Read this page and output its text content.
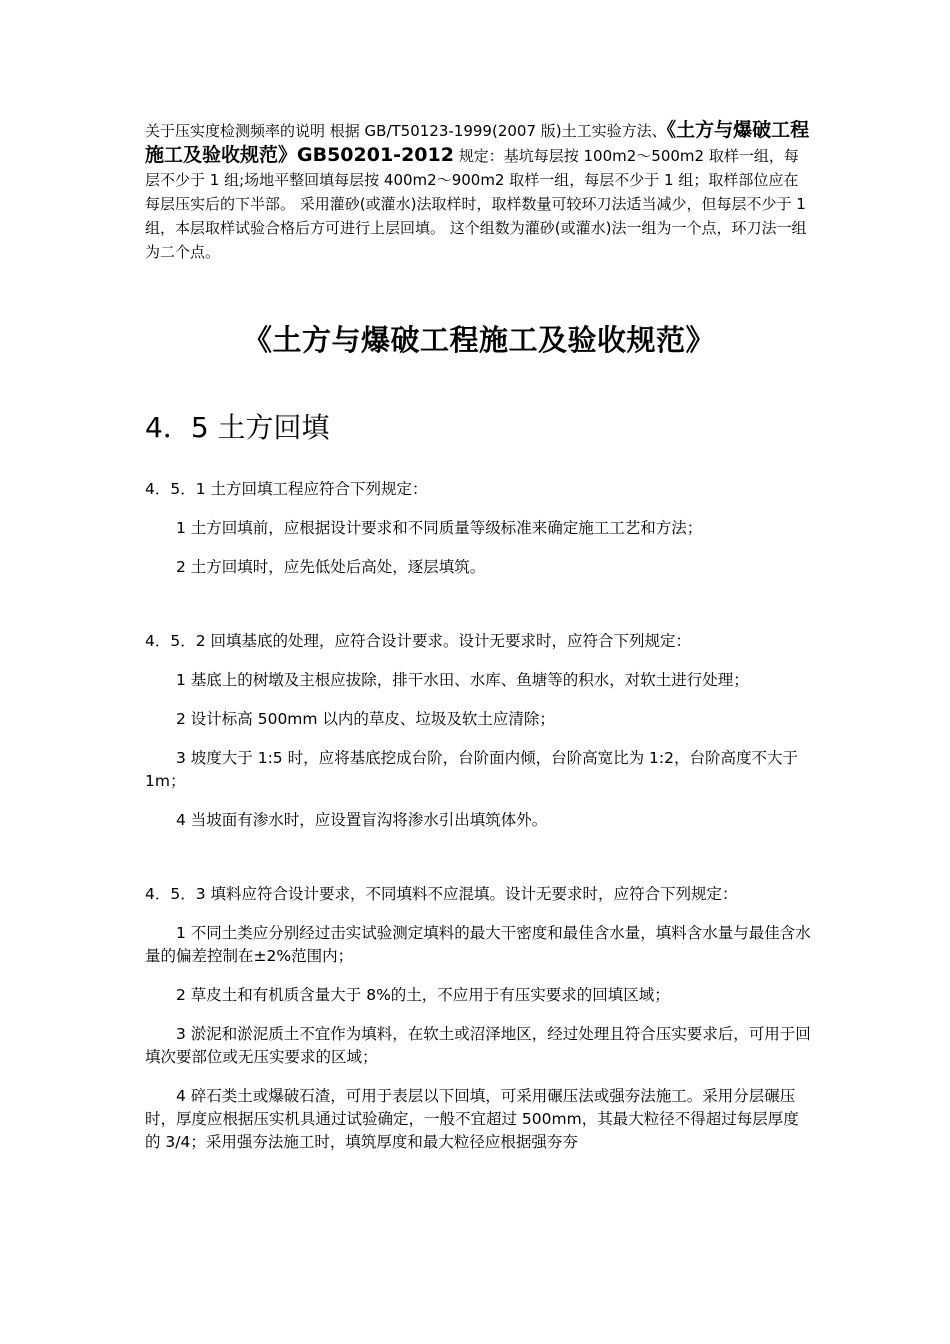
关于压实度检测频率的说明 根据 GB/T50123-1999(2007 版)土工实验方法、《土方与爆破工程施工及验收规范》GB50201-2012 规定：基坑每层按 100m2～500m2 取样一组，每层不少于 1 组;场地平整回填每层按 400m2～900m2 取样一组，每层不少于 1 组；取样部位应在每层压实后的下半部。 采用灌砂(或灌水)法取样时，取样数量可较环刀法适当减少，但每层不少于 1 组，本层取样试验合格后方可进行上层回填。 这个组数为灌砂(或灌水)法一组为一个点，环刀法一组为二个点。

《土方与爆破工程施工及验收规范》
4．5 土方回填

4．5．1 土方回填工程应符合下列规定：

1 土方回填前，应根据设计要求和不同质量等级标准来确定施工工艺和方法；

2 土方回填时，应先低处后高处，逐层填筑。

4．5．2 回填基底的处理，应符合设计要求。设计无要求时，应符合下列规定：

1 基底上的树墩及主根应拔除，排干水田、水库、鱼塘等的积水，对软土进行处理；

2 设计标高 500mm 以内的草皮、垃圾及软土应清除；

3 坡度大于 1:5 时，应将基底挖成台阶，台阶面内倾，台阶高宽比为 1:2，台阶高度不大于 1m；

4 当坡面有渗水时，应设置盲沟将渗水引出填筑体外。

4．5．3 填料应符合设计要求，不同填料不应混填。设计无要求时，应符合下列规定：

1 不同土类应分别经过击实试验测定填料的最大干密度和最佳含水量，填料含水量与最佳含水量的偏差控制在±2%范围内；

2 草皮土和有机质含量大于 8%的土，不应用于有压实要求的回填区域；

3 淤泥和淤泥质土不宜作为填料，在软土或沼泽地区，经过处理且符合压实要求后，可用于回填次要部位或无压实要求的区域；

4 碎石类土或爆破石渣，可用于表层以下回填，可采用碾压法或强夯法施工。采用分层碾压时，厚度应根据压实机具通过试验确定，一般不宜超过 500mm，其最大粒径不得超过每层厚度的 3/4；采用强夯法施工时，填筑厚度和最大粒径应根据强夯夯
